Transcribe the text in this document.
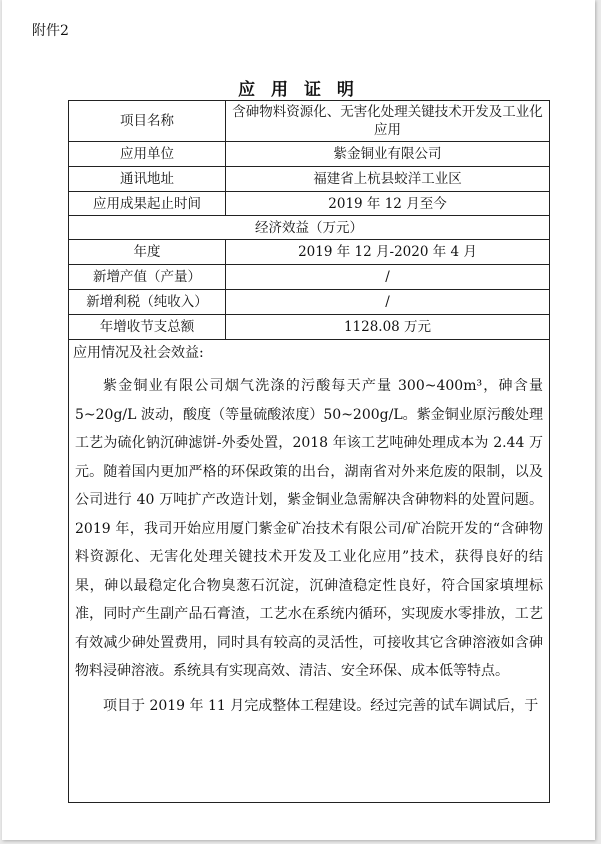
附件2
应 用 证 明
项目名称	含砷物料资源化、无害化处理关键技术开发及工业化应用
应用单位	紫金铜业有限公司
通讯地址	福建省上杭县蛟洋工业区
应用成果起止时间	2019 年 12 月至今
经济效益（万元）	
年度	2019 年 12 月-2020 年 4 月
新增产值（产量）	/
新增利税（纯收入）	/
年增收节支总额	1128.08 万元

应用情况及社会效益:

紫金铜业有限公司烟气洗涤的污酸每天产量 300~400m³，砷含量 5~20g/L 波动，酸度（等量硫酸浓度）50~200g/L。紫金铜业原污酸处理工艺为硫化钠沉砷滤饼-外委处置，2018 年该工艺吨砷处理成本为 2.44 万元。随着国内更加严格的环保政策的出台，湖南省对外来危废的限制，以及公司进行 40 万吨扩产改造计划，紫金铜业急需解决含砷物料的处置问题。2019 年，我司开始应用厦门紫金矿冶技术有限公司/矿冶院开发的“含砷物料资源化、无害化处理关键技术开发及工业化应用”技术，获得良好的结果，砷以最稳定化合物臭葱石沉淀，沉砷渣稳定性良好，符合国家填埋标准，同时产生副产品石膏渣，工艺水在系统内循环，实现废水零排放，工艺有效减少砷处置费用，同时具有较高的灵活性，可接收其它含砷溶液如含砷物料浸砷溶液。系统具有实现高效、清洁、安全环保、成本低等特点。

项目于 2019 年 11 月完成整体工程建设。经过完善的试车调试后，于	
